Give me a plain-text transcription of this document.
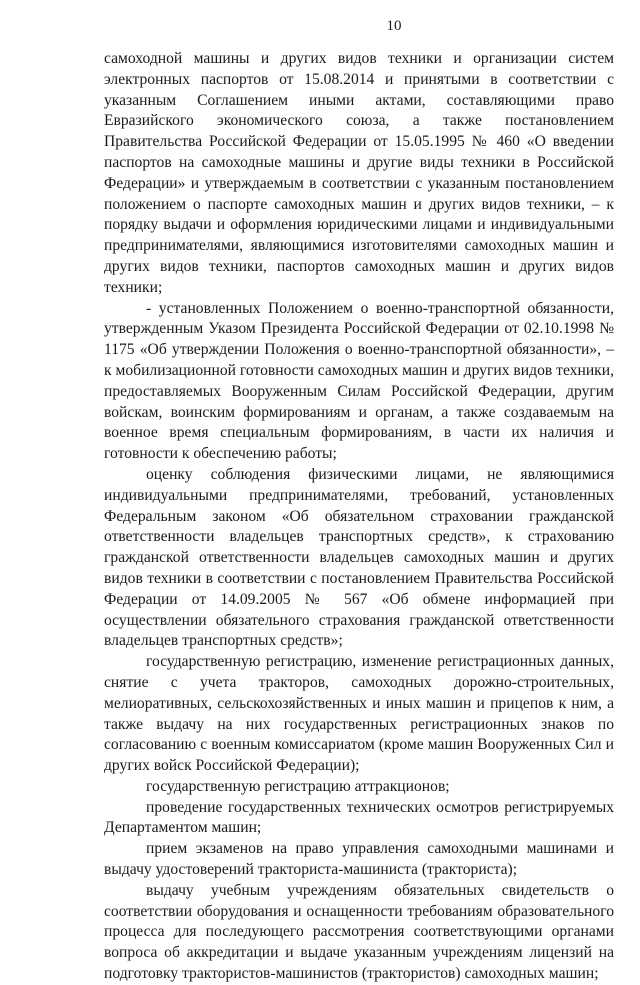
10

самоходной машины и других видов техники и организации систем электронных паспортов от 15.08.2014 и принятыми в соответствии с указанным Соглашением иными актами, составляющими право Евразийского экономического союза, а также постановлением Правительства Российской Федерации от 15.05.1995 № 460 «О введении паспортов на самоходные машины и другие виды техники в Российской Федерации» и утверждаемым в соответствии с указанным постановлением положением о паспорте самоходных машин и других видов техники, – к порядку выдачи и оформления юридическими лицами и индивидуальными предпринимателями, являющимися изготовителями самоходных машин и других видов техники, паспортов самоходных машин и других видов техники;

- установленных Положением о военно-транспортной обязанности, утвержденным Указом Президента Российской Федерации от 02.10.1998 № 1175 «Об утверждении Положения о военно-транспортной обязанности», – к мобилизационной готовности самоходных машин и других видов техники, предоставляемых Вооруженным Силам Российской Федерации, другим войскам, воинским формированиям и органам, а также создаваемым на военное время специальным формированиям, в части их наличия и готовности к обеспечению работы;

оценку соблюдения физическими лицами, не являющимися индивидуальными предпринимателями, требований, установленных Федеральным законом «Об обязательном страховании гражданской ответственности владельцев транспортных средств», к страхованию гражданской ответственности владельцев самоходных машин и других видов техники в соответствии с постановлением Правительства Российской Федерации от 14.09.2005 № 567 «Об обмене информацией при осуществлении обязательного страхования гражданской ответственности владельцев транспортных средств»;

государственную регистрацию, изменение регистрационных данных, снятие с учета тракторов, самоходных дорожно-строительных, мелиоративных, сельскохозяйственных и иных машин и прицепов к ним, а также выдачу на них государственных регистрационных знаков по согласованию с военным комиссариатом (кроме машин Вооруженных Сил и других войск Российской Федерации);

государственную регистрацию аттракционов;

проведение государственных технических осмотров регистрируемых Департаментом машин;

прием экзаменов на право управления самоходными машинами и выдачу удостоверений тракториста-машиниста (тракториста);

выдачу учебным учреждениям обязательных свидетельств о соответствии оборудования и оснащенности требованиям образовательного процесса для последующего рассмотрения соответствующими органами вопроса об аккредитации и выдаче указанным учреждениям лицензий на подготовку трактористов-машинистов (трактористов) самоходных машин;
